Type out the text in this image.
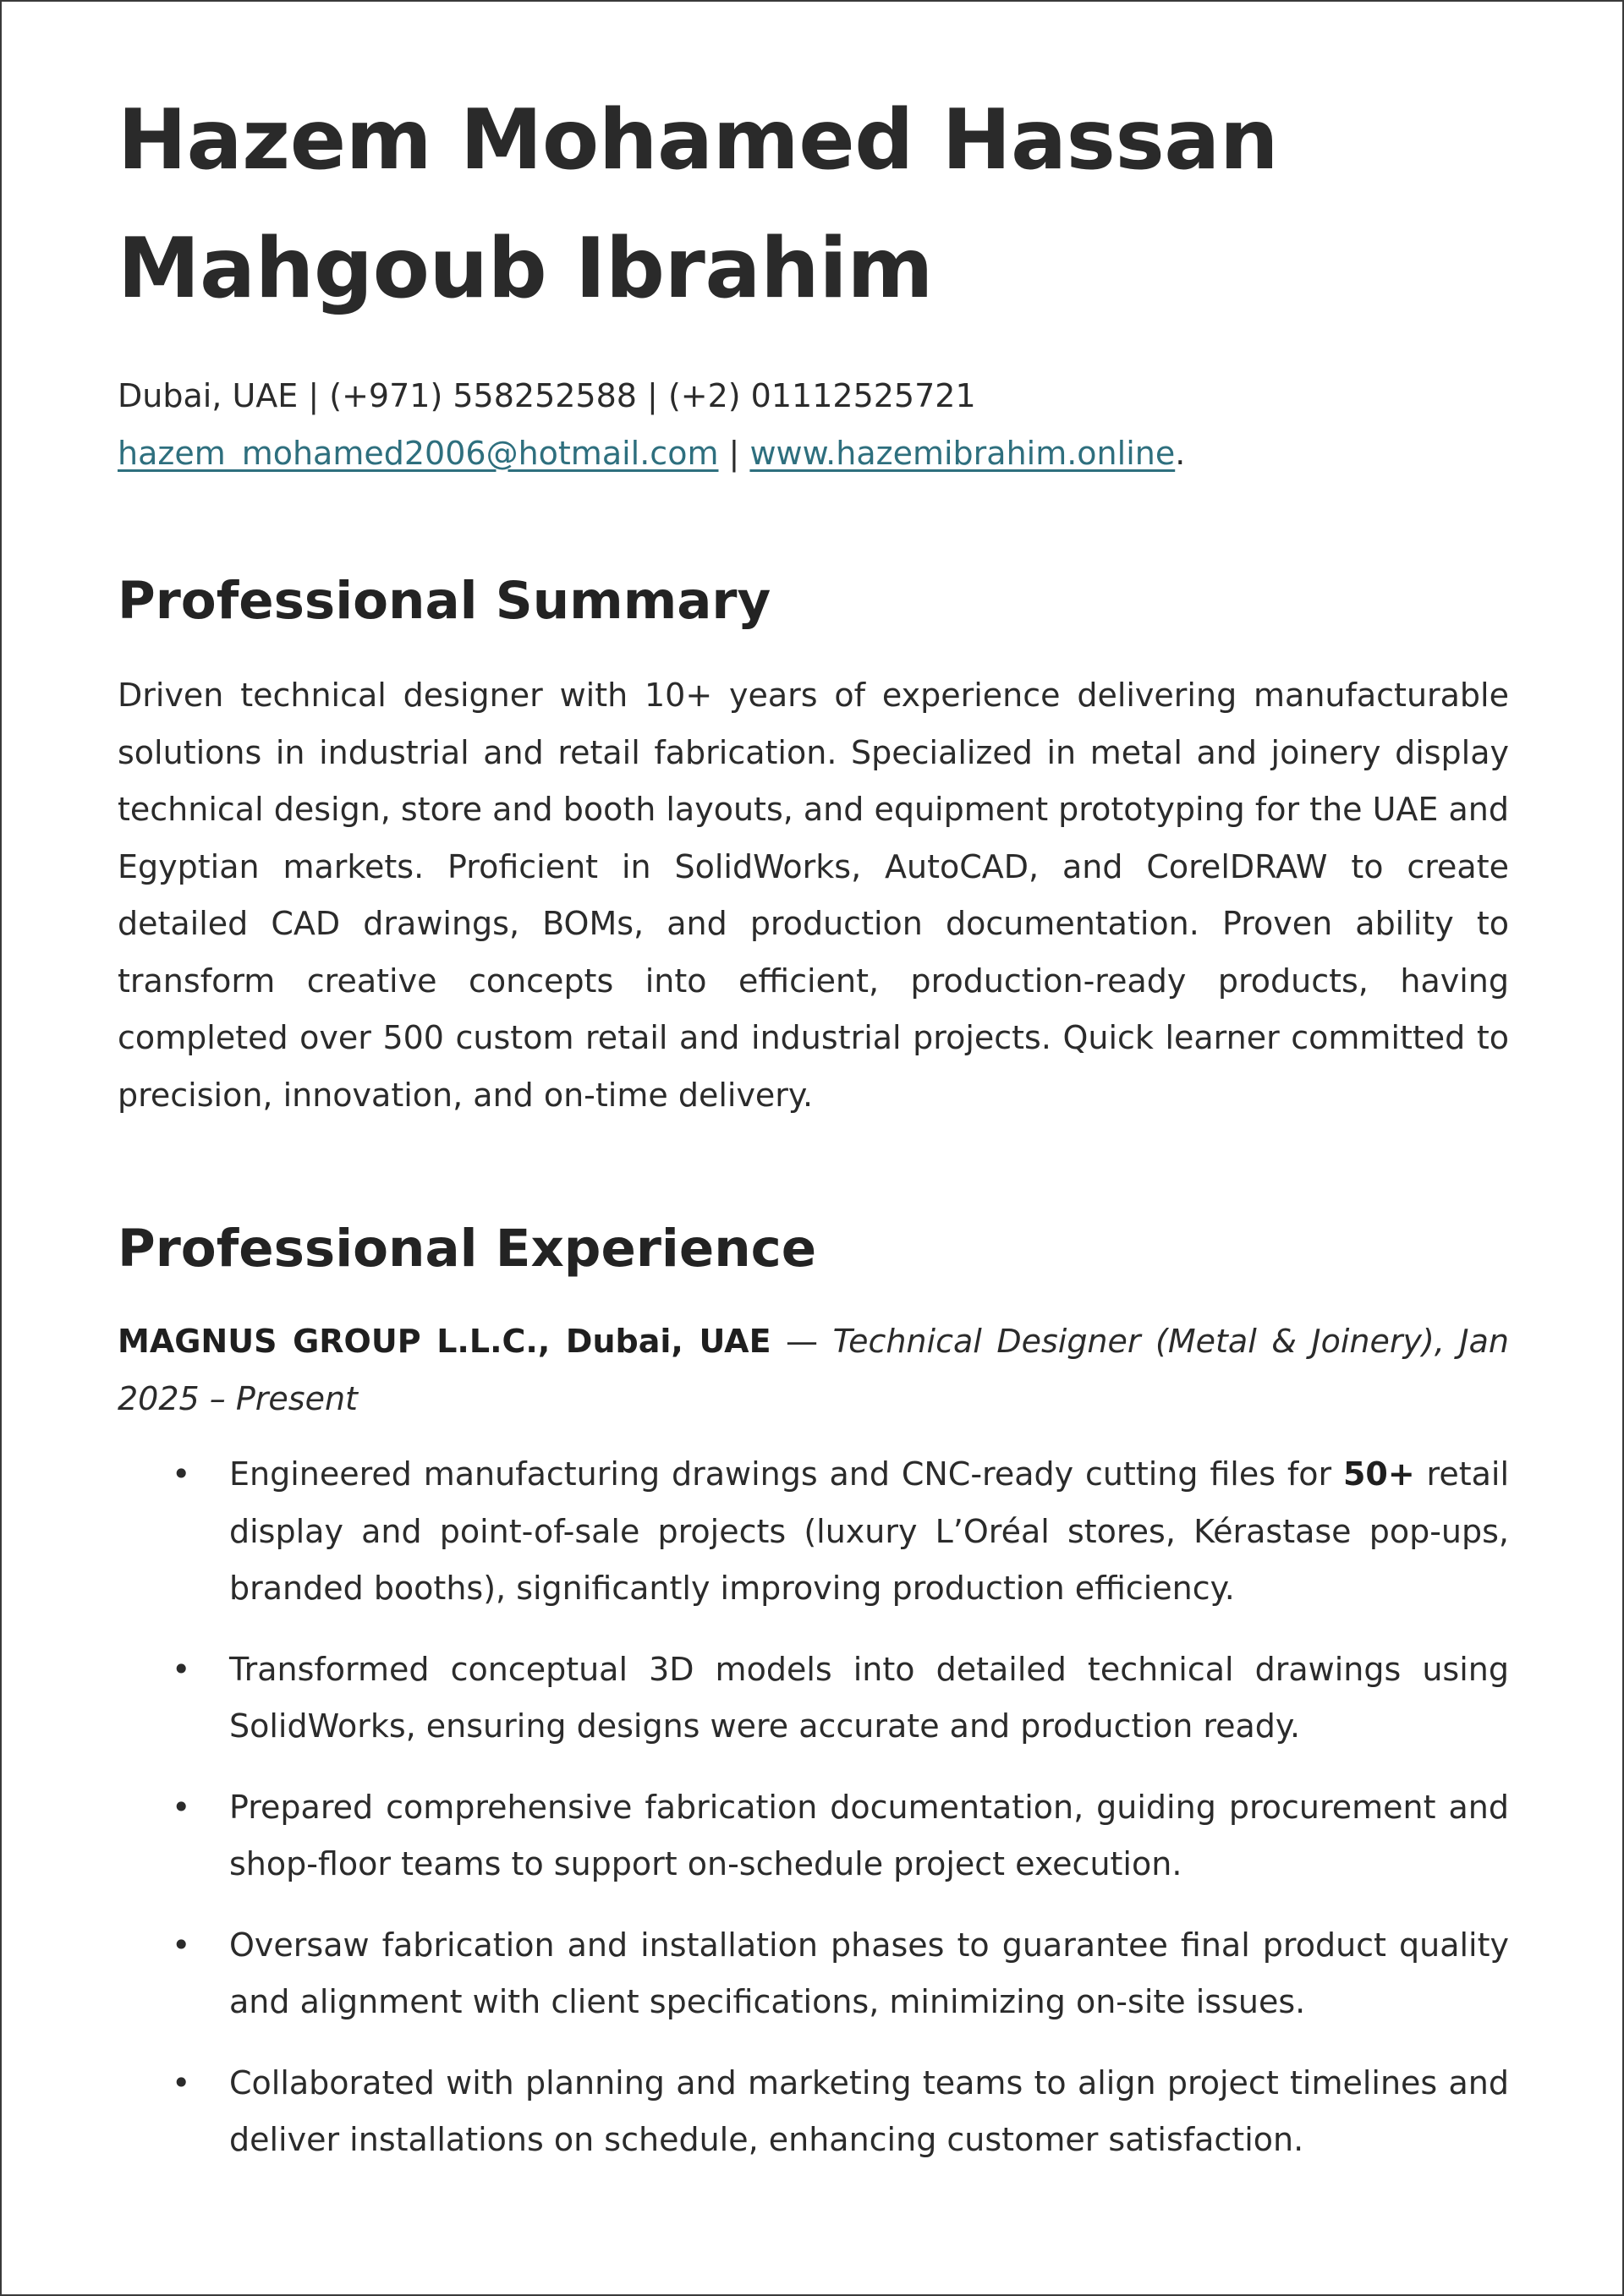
Hazem Mohamed Hassan
Mahgoub Ibrahim
Dubai, UAE | (+971) 558252588 | (+2) 01112525721
hazem_mohamed2006@hotmail.com | www.hazemibrahim.online.
Professional Summary

Driven technical designer with 10+ years of experience delivering manufacturable solutions in industrial and retail fabrication. Specialized in metal and joinery display technical design, store and booth layouts, and equipment prototyping for the UAE and Egyptian markets. Proficient in SolidWorks, AutoCAD, and CorelDRAW to create detailed CAD drawings, BOMs, and production documentation. Proven ability to transform creative concepts into efficient, production-ready products, having completed over 500 custom retail and industrial projects. Quick learner committed to precision, innovation, and on-time delivery.

Professional Experience
MAGNUS GROUP L.L.C., Dubai, UAE — Technical Designer (Metal & Joinery), Jan 2025 – Present
• Engineered manufacturing drawings and CNC-ready cutting files for 50+ retail display and point-of-sale projects (luxury L’Oréal stores, Kérastase pop-ups, branded booths), significantly improving production efficiency.
• Transformed conceptual 3D models into detailed technical drawings using SolidWorks, ensuring designs were accurate and production ready.
• Prepared comprehensive fabrication documentation, guiding procurement and shop-floor teams to support on-schedule project execution.
• Oversaw fabrication and installation phases to guarantee final product quality and alignment with client specifications, minimizing on-site issues.
• Collaborated with planning and marketing teams to align project timelines and deliver installations on schedule, enhancing customer satisfaction.
